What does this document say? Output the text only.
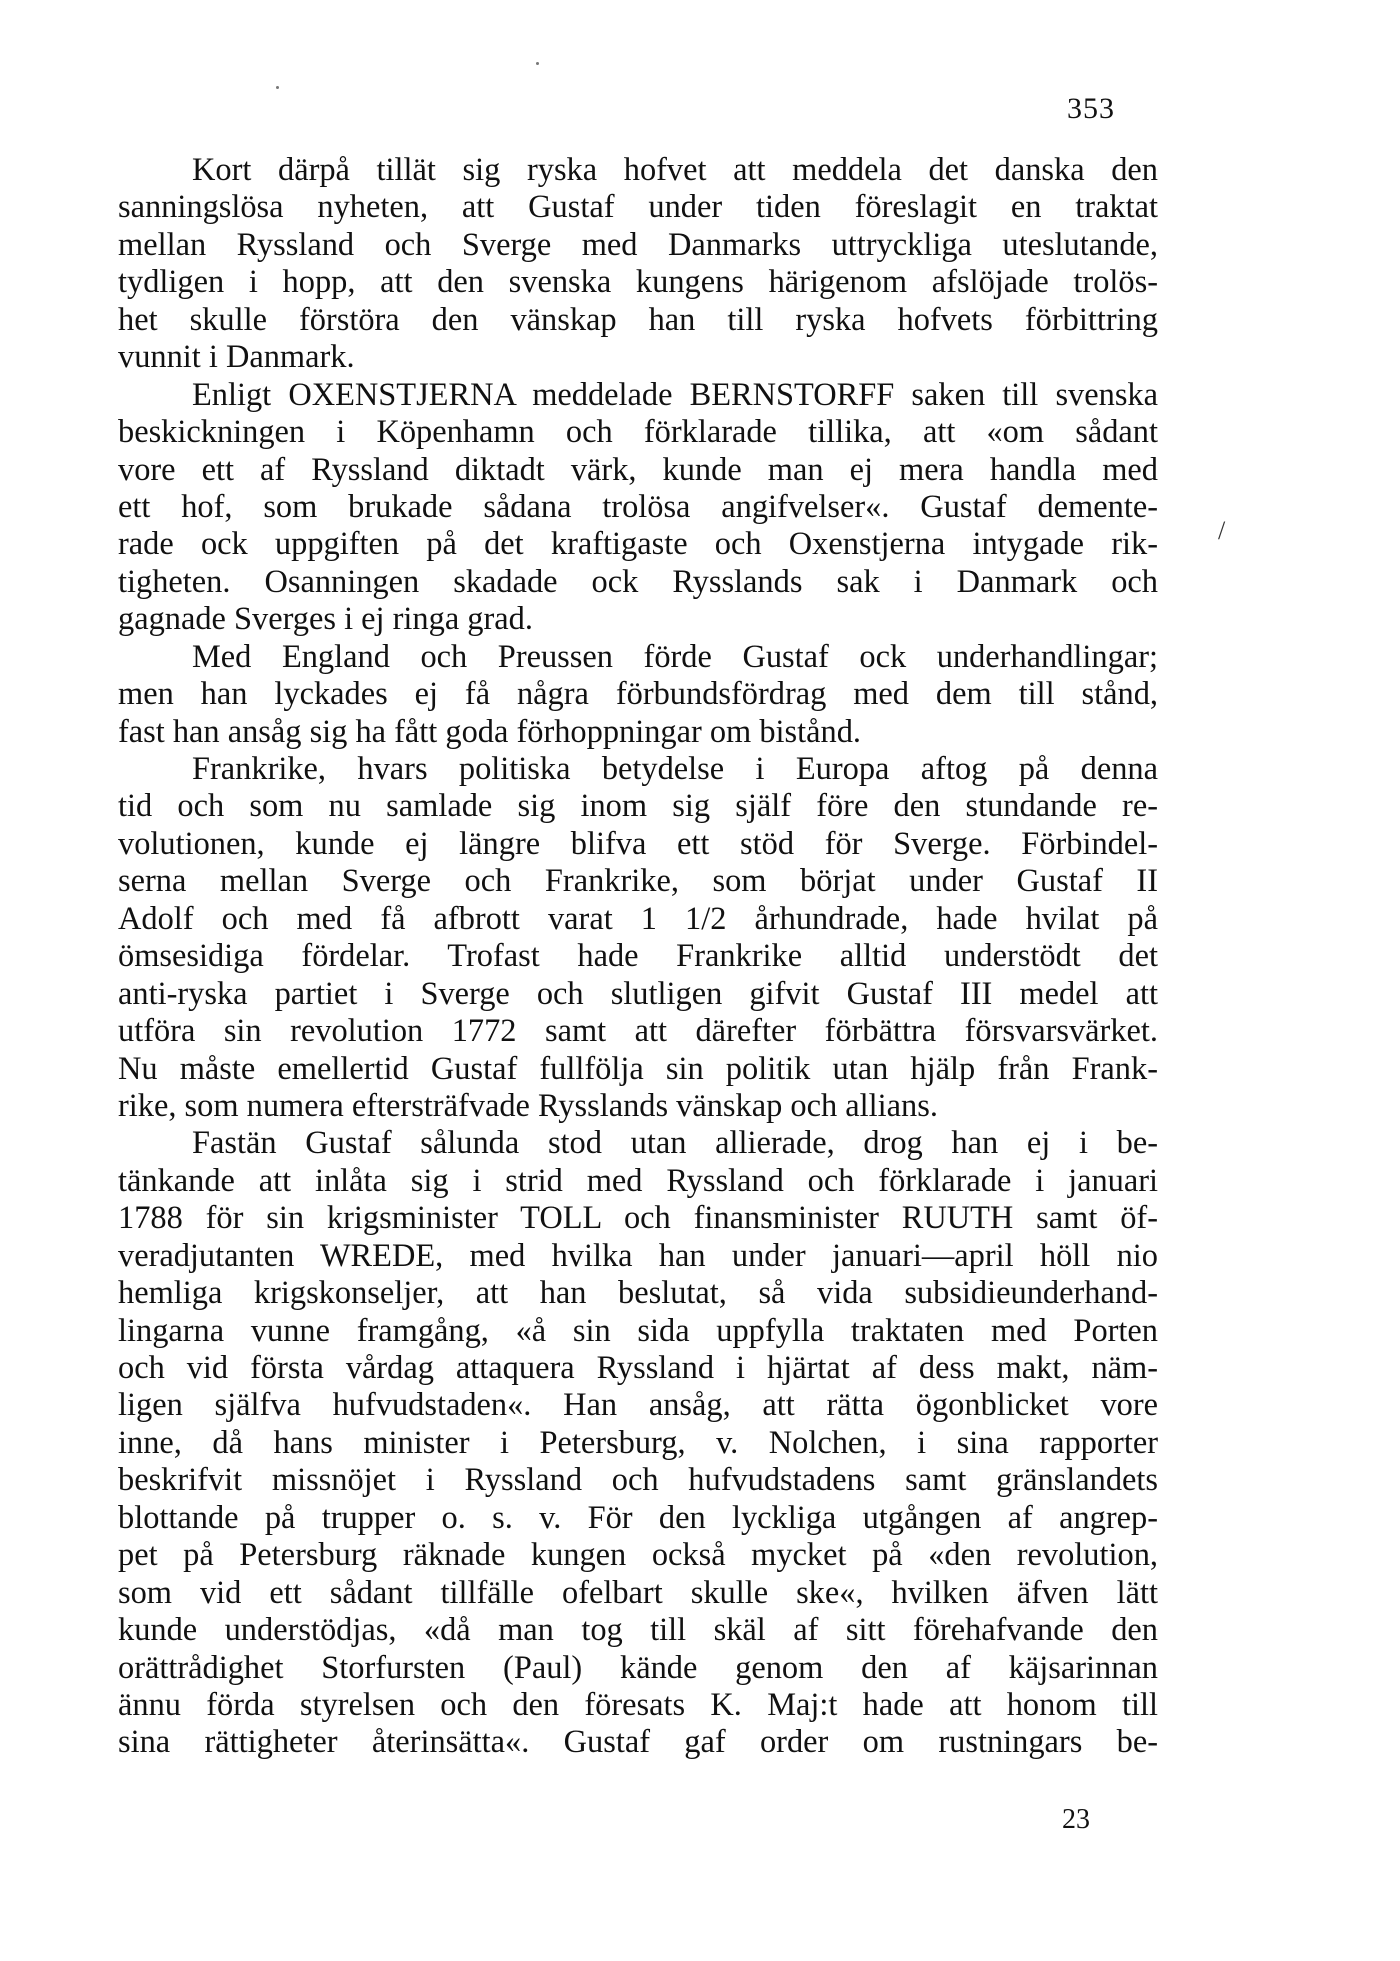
353
/
Kort därpå tillät sig ryska hofvet att meddela det danska den
sanningslösa nyheten, att Gustaf under tiden föreslagit en traktat
mellan Ryssland och Sverge med Danmarks uttryckliga uteslutande,
tydligen i hopp, att den svenska kungens härigenom afslöjade trolös-
het skulle förstöra den vänskap han till ryska hofvets förbittring
vunnit i Danmark.
Enligt OXENSTJERNA meddelade BERNSTORFF saken till svenska
beskickningen i Köpenhamn och förklarade tillika, att «om sådant
vore ett af Ryssland diktadt värk, kunde man ej mera handla med
ett hof, som brukade sådana trolösa angifvelser«. Gustaf demente-
rade ock uppgiften på det kraftigaste och Oxenstjerna intygade rik-
tigheten. Osanningen skadade ock Rysslands sak i Danmark och
gagnade Sverges i ej ringa grad.
Med England och Preussen förde Gustaf ock underhandlingar;
men han lyckades ej få några förbundsfördrag med dem till stånd,
fast han ansåg sig ha fått goda förhoppningar om bistånd.
Frankrike, hvars politiska betydelse i Europa aftog på denna
tid och som nu samlade sig inom sig själf före den stundande re-
volutionen, kunde ej längre blifva ett stöd för Sverge. Förbindel-
serna mellan Sverge och Frankrike, som börjat under Gustaf II
Adolf och med få afbrott varat 1 1/2 århundrade, hade hvilat på
ömsesidiga fördelar. Trofast hade Frankrike alltid understödt det
anti-ryska partiet i Sverge och slutligen gifvit Gustaf III medel att
utföra sin revolution 1772 samt att därefter förbättra försvarsvärket.
Nu måste emellertid Gustaf fullfölja sin politik utan hjälp från Frank-
rike, som numera eftersträfvade Rysslands vänskap och allians.
Fastän Gustaf sålunda stod utan allierade, drog han ej i be-
tänkande att inlåta sig i strid med Ryssland och förklarade i januari
1788 för sin krigsminister TOLL och finansminister RUUTH samt öf-
veradjutanten WREDE, med hvilka han under januari—april höll nio
hemliga krigskonseljer, att han beslutat, så vida subsidieunderhand-
lingarna vunne framgång, «å sin sida uppfylla traktaten med Porten
och vid första vårdag attaquera Ryssland i hjärtat af dess makt, näm-
ligen själfva hufvudstaden«. Han ansåg, att rätta ögonblicket vore
inne, då hans minister i Petersburg, v. Nolchen, i sina rapporter
beskrifvit missnöjet i Ryssland och hufvudstadens samt gränslandets
blottande på trupper o. s. v. För den lyckliga utgången af angrep-
pet på Petersburg räknade kungen också mycket på «den revolution,
som vid ett sådant tillfälle ofelbart skulle ske«, hvilken äfven lätt
kunde understödjas, «då man tog till skäl af sitt förehafvande den
orättrådighet Storfursten (Paul) kände genom den af käjsarinnan
ännu förda styrelsen och den föresats K. Maj:t hade att honom till
sina rättigheter återinsätta«. Gustaf gaf order om rustningars be-
23
